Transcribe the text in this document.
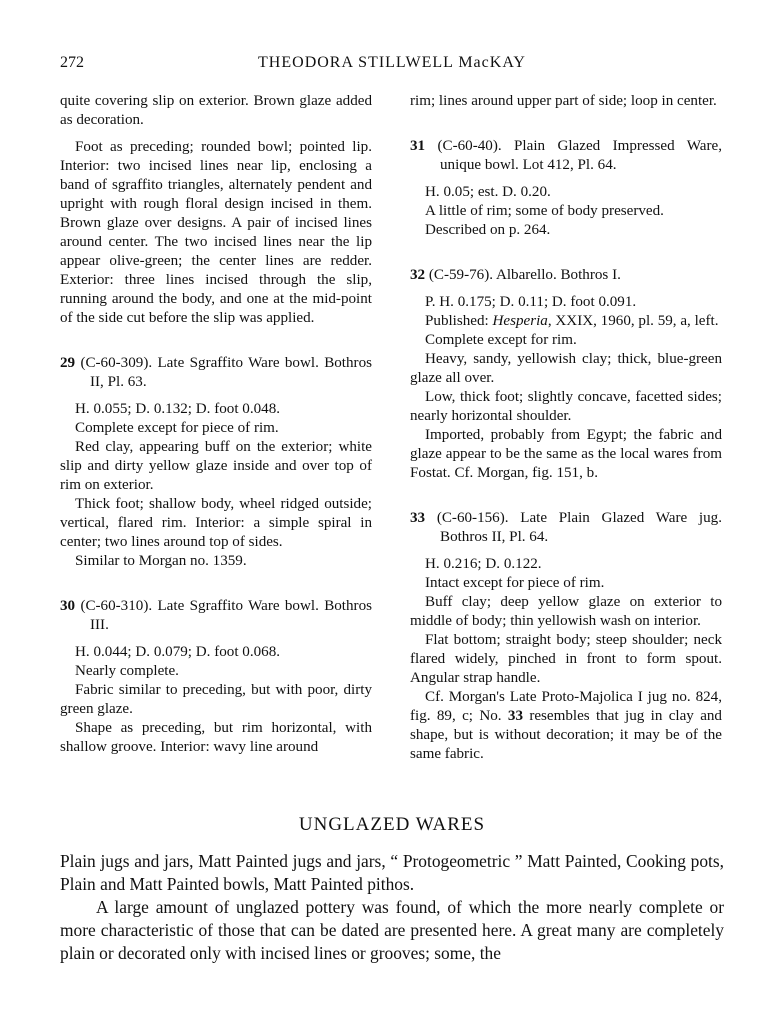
272	THEODORA STILLWELL MacKAY

quite covering slip on exterior. Brown glaze added as decoration.

Foot as preceding; rounded bowl; pointed lip. Interior: two incised lines near lip, enclosing a band of sgraffito triangles, alternately pendent and upright with rough floral design incised in them. Brown glaze over designs. A pair of incised lines around center. The two incised lines near the lip appear olive-green; the center lines are redder. Exterior: three lines incised through the slip, running around the body, and one at the mid-point of the side cut before the slip was applied.

29 (C-60-309). Late Sgraffito Ware bowl. Bothros II, Pl. 63.

H. 0.055; D. 0.132; D. foot 0.048.

Complete except for piece of rim.

Red clay, appearing buff on the exterior; white slip and dirty yellow glaze inside and over top of rim on exterior.

Thick foot; shallow body, wheel ridged outside; vertical, flared rim. Interior: a simple spiral in center; two lines around top of sides.

Similar to Morgan no. 1359.

30 (C-60-310). Late Sgraffito Ware bowl. Bothros III.

H. 0.044; D. 0.079; D. foot 0.068.

Nearly complete.

Fabric similar to preceding, but with poor, dirty green glaze.

Shape as preceding, but rim horizontal, with shallow groove. Interior: wavy line around

rim; lines around upper part of side; loop in center.

31 (C-60-40). Plain Glazed Impressed Ware, unique bowl. Lot 412, Pl. 64.

H. 0.05; est. D. 0.20.

A little of rim; some of body preserved.

Described on p. 264.

32 (C-59-76). Albarello. Bothros I.

P. H. 0.175; D. 0.11; D. foot 0.091.

Published: Hesperia, XXIX, 1960, pl. 59, a, left.

Complete except for rim.

Heavy, sandy, yellowish clay; thick, blue-green glaze all over.

Low, thick foot; slightly concave, facetted sides; nearly horizontal shoulder.

Imported, probably from Egypt; the fabric and glaze appear to be the same as the local wares from Fostat. Cf. Morgan, fig. 151, b.

33 (C-60-156). Late Plain Glazed Ware jug. Bothros II, Pl. 64.

H. 0.216; D. 0.122.

Intact except for piece of rim.

Buff clay; deep yellow glaze on exterior to middle of body; thin yellowish wash on interior.

Flat bottom; straight body; steep shoulder; neck flared widely, pinched in front to form spout. Angular strap handle.

Cf. Morgan's Late Proto-Majolica I jug no. 824, fig. 89, c; No. 33 resembles that jug in clay and shape, but is without decoration; it may be of the same fabric.

UNGLAZED WARES

Plain jugs and jars, Matt Painted jugs and jars, “ Protogeometric ” Matt Painted, Cooking pots, Plain and Matt Painted bowls, Matt Painted pithos.

A large amount of unglazed pottery was found, of which the more nearly complete or more characteristic of those that can be dated are presented here. A great many are completely plain or decorated only with incised lines or grooves; some, the
